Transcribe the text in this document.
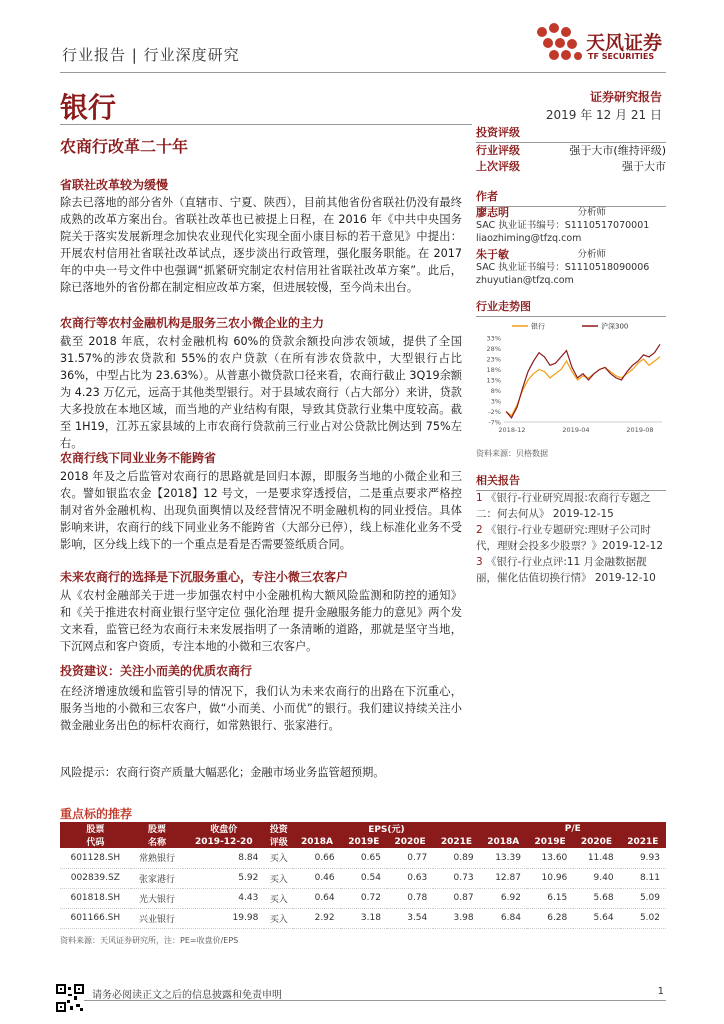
行业报告 | 行业深度研究
天风证券
TF SECURITIES
银行	证券研究报告
2019 年 12 月 21 日
农商行改革二十年
省联社改革较为缓慢
除去已落地的部分省外（直辖市、宁夏、陕西），目前其他省份省联社仍没有最终成熟的改革方案出台。省联社改革也已被提上日程，在 2016 年《中共中央国务院关于落实发展新理念加快农业现代化实现全面小康目标的若干意见》中提出：开展农村信用社省联社改革试点，逐步淡出行政管理，强化服务职能。在 2017 年的中央一号文件中也强调“抓紧研究制定农村信用社省联社改革方案”。此后，除已落地外的省份都在制定相应改革方案，但进展较慢，至今尚未出台。
农商行等农村金融机构是服务三农小微企业的主力
截至 2018 年底，农村金融机构 60%的贷款余额投向涉农领域，提供了全国31.57%的涉农贷款和 55%的农户贷款（在所有涉农贷款中，大型银行占比36%，中型占比为 23.63%）。从普惠小微贷款口径来看，农商行截止 3Q19余额为 4.23 万亿元，远高于其他类型银行。对于县域农商行（占大部分）来讲，贷款大多投放在本地区域，而当地的产业结构有限，导致其贷款行业集中度较高。截至 1H19，江苏五家县域的上市农商行贷款前三行业占对公贷款比例达到 75%左右。
农商行线下同业业务不能跨省
2018 年及之后监管对农商行的思路就是回归本源，即服务当地的小微企业和三农。譬如银监农金【2018】12 号文，一是要求穿透授信，二是重点要求严格控制对省外金融机构、出现负面舆情以及经营情况不明金融机构的同业授信。具体影响来讲，农商行的线下同业业务不能跨省（大部分已停），线上标准化业务不受影响，区分线上线下的一个重点是看是否需要签纸质合同。
未来农商行的选择是下沉服务重心，专注小微三农客户
从《农村金融部关于进一步加强农村中小金融机构大额风险监测和防控的通知》和《关于推进农村商业银行坚守定位 强化治理 提升金融服务能力的意见》两个发文来看，监管已经为农商行未来发展指明了一条清晰的道路，那就是坚守当地，下沉网点和客户资质，专注本地的小微和三农客户。
投资建议：关注小而美的优质农商行
在经济增速放缓和监管引导的情况下，我们认为未来农商行的出路在下沉重心，服务当地的小微和三农客户，做“小而美、小而优”的银行。我们建议持续关注小微金融业务出色的标杆农商行，如常熟银行、张家港行。
风险提示：农商行资产质量大幅恶化；金融市场业务监管超预期。
投资评级
行业评级	强于大市(维持评级)
上次评级	强于大市
作者
廖志明	分析师
SAC 执业证书编号：S1110517070001
liaozhiming@tfzq.com
朱于敏	分析师
SAC 执业证书编号：S1110518090006
zhuyutian@tfzq.com
行业走势图
33%
28%
23%
18%
13%
8%
3%
-2%
-7%
2018-12	2019-04	2019-08
银行	沪深300
资料来源：贝格数据
相关报告
1 《银行-行业研究周报:农商行专题之二：何去何从》 2019-12-15
2 《银行-行业专题研究:理财子公司时代，理财会投多少股票？》2019-12-12
3 《银行-行业点评:11 月金融数据靓丽，催化估值切换行情》 2019-12-10
重点标的推荐
股票	股票	收盘价	投资	EPS(元)				P/E			
代码	名称	2019-12-20	评级	2018A	2019E	2020E	2021E	2018A	2019E	2020E	2021E
601128.SH	常熟银行	8.84	买入	0.66	0.65	0.77	0.89	13.39	13.60	11.48	9.93
002839.SZ	张家港行	5.92	买入	0.46	0.54	0.63	0.73	12.87	10.96	9.40	8.11
601818.SH	光大银行	4.43	买入	0.64	0.72	0.78	0.87	6.92	6.15	5.68	5.09
601166.SH	兴业银行	19.98	买入	2.92	3.18	3.54	3.98	6.84	6.28	5.64	5.02
资料来源：天风证券研究所，注：PE=收盘价/EPS
请务必阅读正文之后的信息披露和免责申明	1
